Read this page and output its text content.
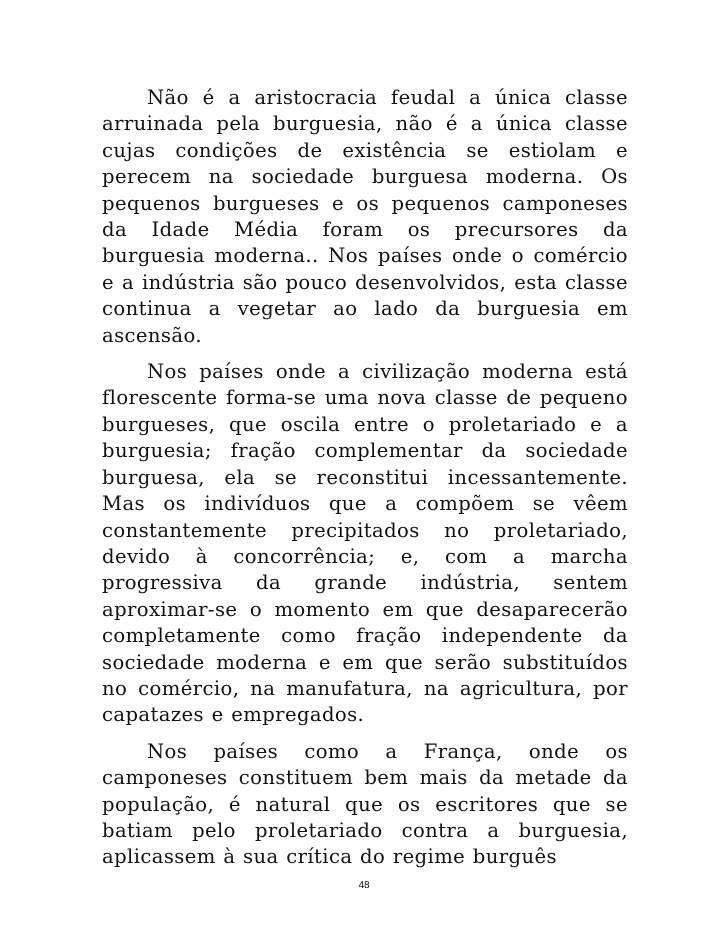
Não é a aristocracia feudal a única classe arruinada pela burguesia, não é a única classe cujas condições de existência se estiolam e perecem na sociedade burguesa moderna. Os pequenos burgueses e os pequenos camponeses da Idade Média foram os precursores da burguesia moderna.. Nos países onde o comércio e a indústria são pouco desenvolvidos, esta classe continua a vegetar ao lado da burguesia em ascensão.

Nos países onde a civilização moderna está florescente forma-se uma nova classe de pequeno burgueses, que oscila entre o proletariado e a burguesia; fração complementar da sociedade burguesa, ela se reconstitui incessantemente. Mas os indivíduos que a compõem se vêem constantemente precipitados no proletariado, devido à concorrência; e, com a marcha progressiva da grande indústria, sentem aproximar-se o momento em que desaparecerão completamente como fração independente da sociedade moderna e em que serão substituídos no comércio, na manufatura, na agricultura, por capatazes e empregados.

Nos países como a França, onde os camponeses constituem bem mais da metade da população, é natural que os escritores que se batiam pelo proletariado contra a burguesia, aplicassem à sua crítica do regime burguês

48
